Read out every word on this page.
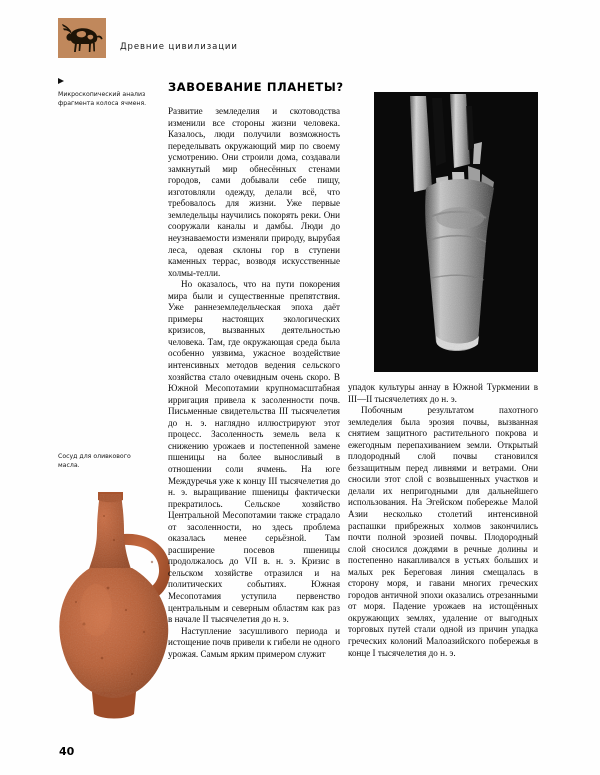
Древние цивилизации
Микроскопический анализ фрагмента колоса ячменя.
Сосуд для оливкового масла.
ЗАВОЕВАНИЕ ПЛАНЕТЫ?

Развитие земледелия и скотоводства изменили все стороны жизни человека. Казалось, люди получили возможность переделывать окружающий мир по своему усмотрению. Они строили дома, создавали замкнутый мир обнесённых стенами городов, сами добывали себе пищу, изготовляли одежду, делали всё, что требовалось для жизни. Уже первые земледельцы научились покорять реки. Они сооружали каналы и дамбы. Люди до неузнаваемости изменяли природу, вырубая леса, одевая склоны гор в ступени каменных террас, возводя искусственные холмы-телли.

Но оказалось, что на пути покорения мира были и существенные препятствия. Уже раннеземледельческая эпоха даёт примеры настоящих экологических кризисов, вызванных деятельностью человека. Там, где окружающая среда была особенно уязвима, ужасное воздействие интенсивных методов ведения сельского хозяйства стало очевидным очень скоро. В Южной Месопотамии крупномасштабная ирригация привела к засоленности почв. Письменные свидетельства III тысячелетия до н. э. наглядно иллюстрируют этот процесс. Засоленность земель вела к снижению урожаев и постепенной замене пшеницы на более выносливый в отношении соли ячмень. На юге Междуречья уже к концу III тысячелетия до н. э. выращивание пшеницы фактически прекратилось. Сельское хозяйство Центральной Месопотамии также страдало от засоленности, но здесь проблема оказалась менее серьёзной. Там расширение посевов пшеницы продолжалось до VII в. н. э. Кризис в сельском хозяйстве отразился и на политических событиях. Южная Месопотамия уступила первенство центральным и северным областям как раз в начале II тысячелетия до н. э.

Наступление засушливого периода и истощение почв привели к гибели не одного урожая. Самым ярким примером служит

упадок культуры аннау в Южной Туркмении в III—II тысячелетиях до н. э.

Побочным результатом пахотного земледелия была эрозия почвы, вызванная снятием защитного растительного покрова и ежегодным перепахиванием земли. Открытый плодородный слой почвы становился беззащитным перед ливнями и ветрами. Они сносили этот слой с возвышенных участков и делали их непригодными для дальнейшего использования. На Эгейском побережье Малой Азии несколько столетий интенсивной распашки прибрежных холмов закончились почти полной эрозией почвы. Плодородный слой сносился дождями в речные долины и постепенно накапливался в устьях больших и малых рек Береговая линия смещалась в сторону моря, и гавани многих греческих городов античной эпохи оказались отрезанными от моря. Падение урожаев на истощённых окружающих землях, удаление от выгодных торговых путей стали одной из причин упадка греческих колоний Малоазийского побережья в конце I тысячелетия до н. э.

40
